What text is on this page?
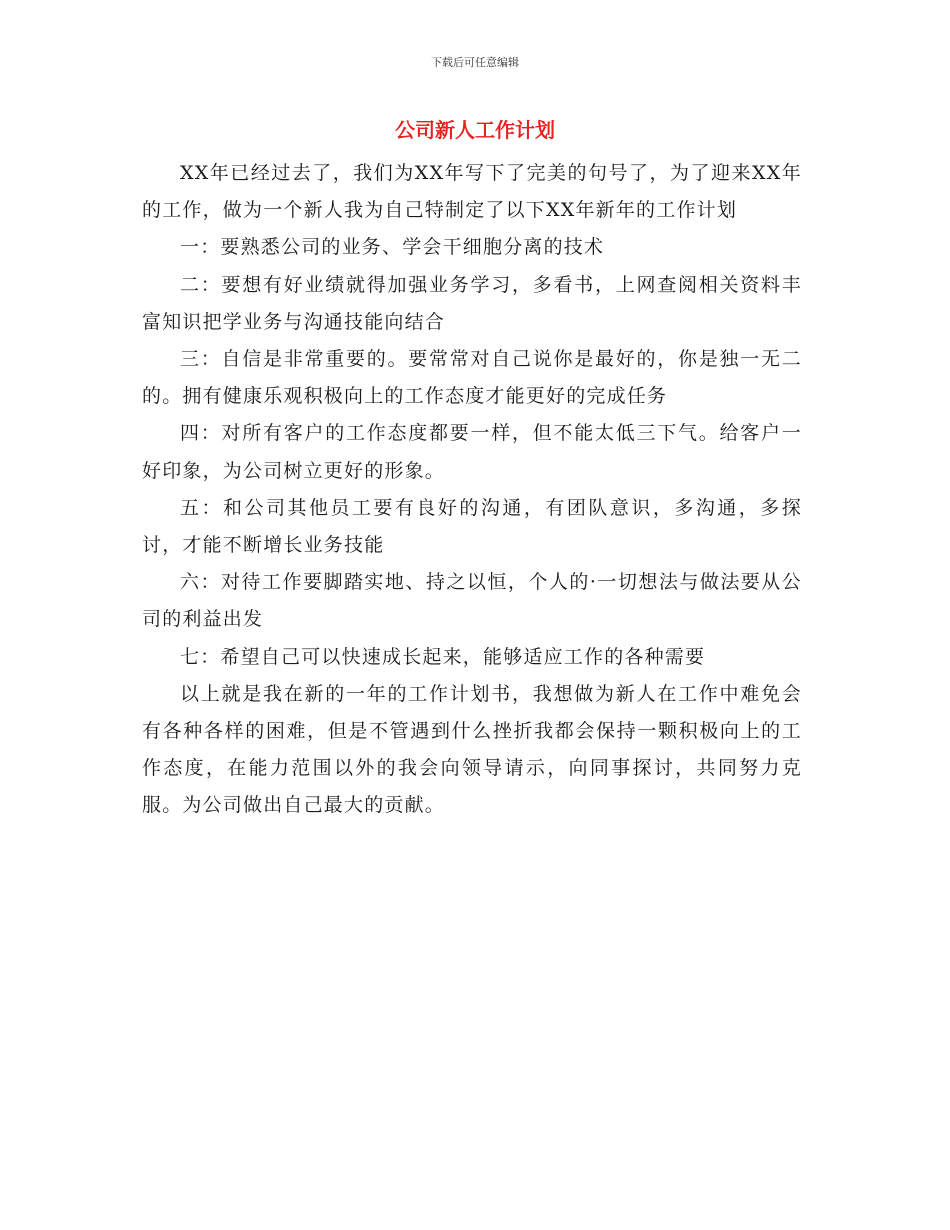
下载后可任意编辑
公司新人工作计划

XX年已经过去了，我们为XX年写下了完美的句号了，为了迎来XX年的工作，做为一个新人我为自己特制定了以下XX年新年的工作计划

一：要熟悉公司的业务、学会干细胞分离的技术

二：要想有好业绩就得加强业务学习，多看书，上网查阅相关资料丰富知识把学业务与沟通技能向结合

三：自信是非常重要的。要常常对自己说你是最好的，你是独一无二的。拥有健康乐观积极向上的工作态度才能更好的完成任务

四：对所有客户的工作态度都要一样，但不能太低三下气。给客户一好印象，为公司树立更好的形象。

五：和公司其他员工要有良好的沟通，有团队意识，多沟通，多探讨，才能不断增长业务技能

六：对待工作要脚踏实地、持之以恒，个人的·一切想法与做法要从公司的利益出发

七：希望自己可以快速成长起来，能够适应工作的各种需要

以上就是我在新的一年的工作计划书，我想做为新人在工作中难免会有各种各样的困难，但是不管遇到什么挫折我都会保持一颗积极向上的工作态度，在能力范围以外的我会向领导请示，向同事探讨，共同努力克服。为公司做出自己最大的贡献。
